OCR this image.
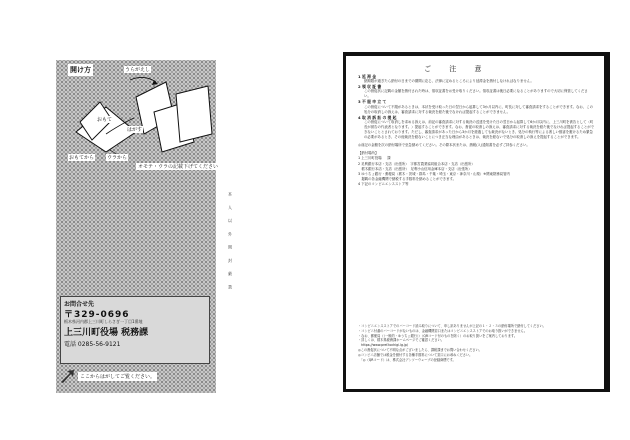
開け方	うらがえし
おもて
はがす
おもてから	ウラから
オモテ・ウラの記載下げてください
お問合せ先
〒329-0696
栃木県河内郡上三川町しらさぎ一丁目1番地
上三川町役場 税務課
電話 0285-56-9121
ここからはがしてご覧ください。
本 人 以 外 開 封 厳 禁
ご 注 意
1 延 滞 金

納期限が過ぎたら納付の日までの期間に応じ、法律に定めるところにより延滞金を納付しなければなりません。

2 領 収 証 書

この督促状に記載の金額を納付された時は、領収証書をお受け取りください。領収証書は後日必要になることがありますので大切に保管してください。

3 不 服 申 立 て

この督促について不服があるときは、本状を受け取った日の翌日から起算して3か月以内に、町長に対して審査請求をすることができます。なお、この処分の取消しの訴えは、審査請求に対する裁決を経た後でなければ提起することができません。

4 取 消 訴 訟 の 提 起

この督促について取消しを求める訴えは、前記の審査請求に対する裁決の送達を受けた日の翌日から起算して6か月以内に、上三川町を被告として（町長が被告の代表者となります。）提起することができます。なお、督促の取消しの訴えは、審査請求に対する裁決を経た後でなければ提起することができないこととされております。ただし、審査請求があった日から3か月を経過しても裁決がないとき、処分の執行等による著しい損害を避けるため緊急の必要があるとき、その他裁決を経ないことにつき正当な理由があるときは、裁決を経ないで処分の取消しの訴えを提起することができます。

◎前記の金額を次の納付場所で至急納めてください。その際本状または、納税(入)通知書を必ずご持参ください。
【納付場所】
1 上三川町役場 　 課
2 足利銀行本店・支店（出張所）　宇都宮農業協同組合本店・支店（出張所）
　栃木銀行本店・支店（出張所）　足利小山信用金庫本店・支店（出張所）
3 ゆうちょ銀行・郵便局（栃木・茨城・群馬・千葉・埼玉・東京・神奈川・山梨）※関東財務局管内
　掲載の各金融機関で納税する手数料を納めることができます。
4 下記のコンビニエンスストア等
・コンビニエンスストアでのバーコード読み取りについて、申し訳ありませんが上記の１・２・３の納付場所で納付してください。
・コンビニ付番のバーコードがないものは、金融機関窓口またはコンビニエンスストアでのお取り扱いができません。
・なお、郵便局（（一般的・ゆうちょ銀行））（QRコード付のものを除く）のお取り扱いをご案内しております。
・詳しくは、栃木県税務課ホームページでご確認ください。
　https://www.pref.tochigi.lg.jp/
◎この督促状について不明な点がございましたら、課税課までお問い合わせください。
◎コンビニ店舗では税金を納付する各種手数料について窓口にお尋ねください。
　「◎（QRコード）は、株式会社デンソーウェーブの登録商標です。
